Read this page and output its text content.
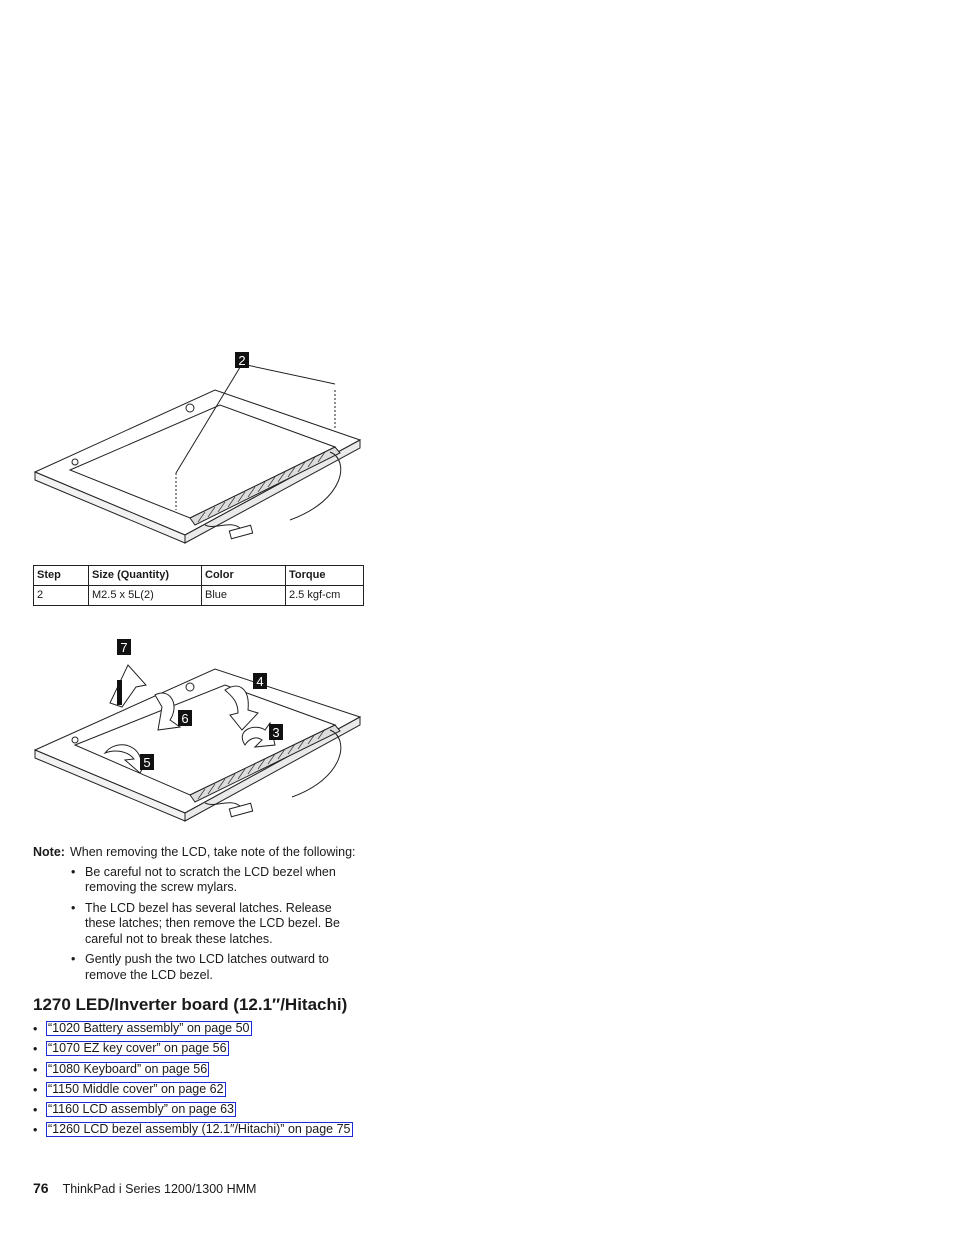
2
Step	Size (Quantity)	Color	Torque
2	M2.5 x 5L(2)	Blue	2.5 kgf-cm
7
4
6
3
5
Note: When removing the LCD, take note of the following:
• Be careful not to scratch the LCD bezel when removing the screw mylars.
• The LCD bezel has several latches. Release these latches; then remove the LCD bezel. Be careful not to break these latches.
• Gently push the two LCD latches outward to remove the LCD bezel.
1270 LED/Inverter board (12.1″/Hitachi)
• “1020 Battery assembly” on page 50
• “1070 EZ key cover” on page 56
• “1080 Keyboard” on page 56
• “1150 Middle cover” on page 62
• “1160 LCD assembly” on page 63
• “1260 LCD bezel assembly (12.1″/Hitachi)” on page 75
76 ThinkPad i Series 1200/1300 HMM
